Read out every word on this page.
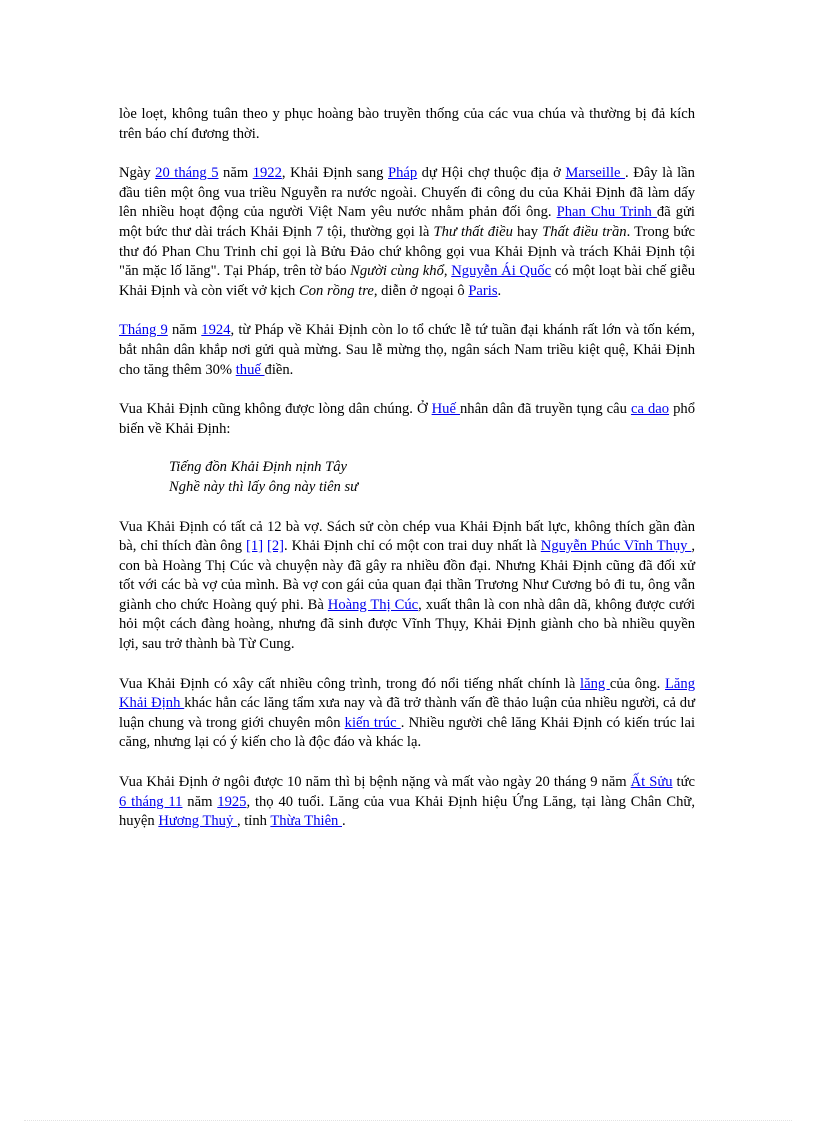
lòe loẹt, không tuân theo y phục hoàng bào truyền thống của các vua chúa và thường bị đả kích trên báo chí đương thời.

Ngày 20 tháng 5 năm 1922, Khải Định sang Pháp dự Hội chợ thuộc địa ở Marseille . Đây là lần đầu tiên một ông vua triều Nguyễn ra nước ngoài. Chuyến đi công du của Khải Định đã làm dấy lên nhiều hoạt động của người Việt Nam yêu nước nhằm phản đối ông. Phan Chu Trinh đã gửi một bức thư dài trách Khải Định 7 tội, thường gọi là Thư thất điều hay Thất điều trần. Trong bức thư đó Phan Chu Trinh chỉ gọi là Bửu Đảo chứ không gọi vua Khải Định và trách Khải Định tội "ăn mặc lố lăng". Tại Pháp, trên tờ báo Người cùng khổ, Nguyễn Ái Quốc có một loạt bài chế giễu Khải Định và còn viết vở kịch Con rồng tre, diễn ở ngoại ô Paris.

Tháng 9 năm 1924, từ Pháp về Khải Định còn lo tổ chức lễ tứ tuần đại khánh rất lớn và tốn kém, bắt nhân dân khắp nơi gửi quà mừng. Sau lễ mừng thọ, ngân sách Nam triều kiệt quệ, Khải Định cho tăng thêm 30% thuế điền.

Vua Khải Định cũng không được lòng dân chúng. Ở Huế nhân dân đã truyền tụng câu ca dao phổ biến về Khải Định:

Tiếng đồn Khải Định nịnh Tây
Nghề này thì lấy ông này tiên sư

Vua Khải Định có tất cả 12 bà vợ. Sách sử còn chép vua Khải Định bất lực, không thích gần đàn bà, chỉ thích đàn ông [1] [2]. Khải Định chỉ có một con trai duy nhất là Nguyễn Phúc Vĩnh Thụy , con bà Hoàng Thị Cúc và chuyện này đã gây ra nhiều đồn đại. Nhưng Khải Định cũng đã đối xử tốt với các bà vợ của mình. Bà vợ con gái của quan đại thần Trương Như Cương bỏ đi tu, ông vẫn giành cho chức Hoàng quý phi. Bà Hoàng Thị Cúc, xuất thân là con nhà dân dã, không được cưới hỏi một cách đàng hoàng, nhưng đã sinh được Vĩnh Thụy, Khải Định giành cho bà nhiều quyền lợi, sau trở thành bà Từ Cung.

Vua Khải Định có xây cất nhiều công trình, trong đó nổi tiếng nhất chính là lăng của ông. Lăng Khải Định khác hẳn các lăng tẩm xưa nay và đã trở thành vấn đề thảo luận của nhiều người, cả dư luận chung và trong giới chuyên môn kiến trúc . Nhiều người chê lăng Khải Định có kiến trúc lai căng, nhưng lại có ý kiến cho là độc đáo và khác lạ.

Vua Khải Định ở ngôi được 10 năm thì bị bệnh nặng và mất vào ngày 20 tháng 9 năm Ất Sửu tức 6 tháng 11 năm 1925, thọ 40 tuổi. Lăng của vua Khải Định hiệu Ứng Lăng, tại làng Chân Chữ, huyện Hương Thuỷ , tỉnh Thừa Thiên .
